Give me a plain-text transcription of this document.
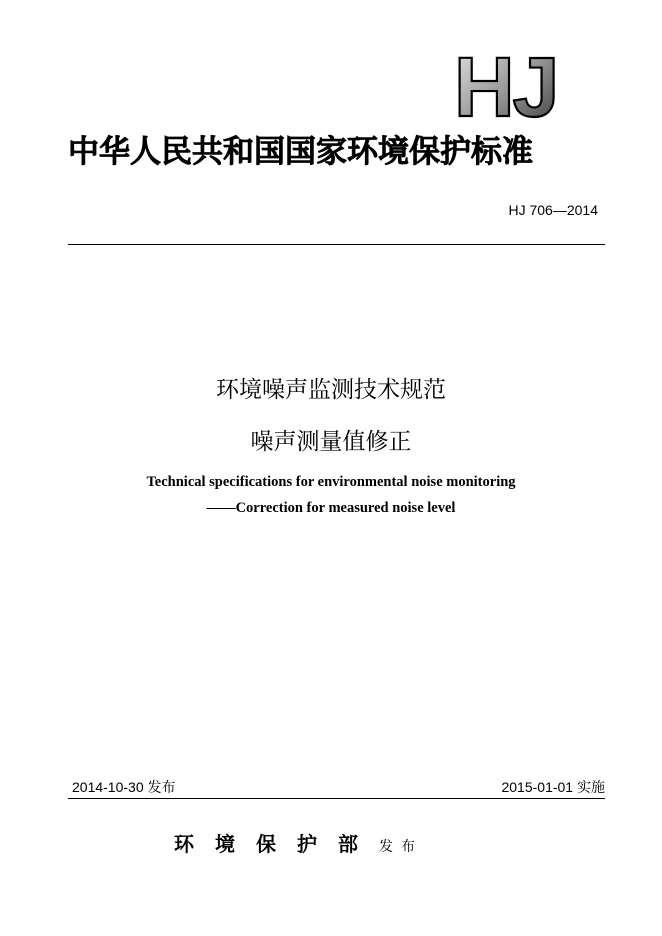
HJ
中华人民共和国国家环境保护标准
HJ 706—2014
环境噪声监测技术规范
噪声测量值修正
Technical specifications for environmental noise monitoring
——Correction for measured noise level
2014-10-30 发布	2015-01-01 实施
环境保护部发布
